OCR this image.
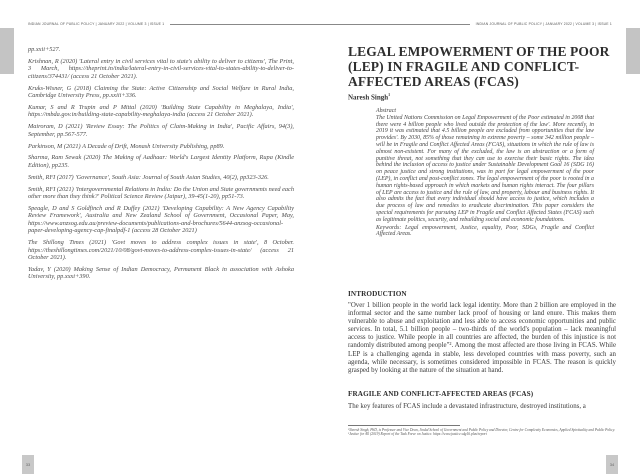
INDIAN JOURNAL OF PUBLIC POLICY | JANUARY 2022 | VOLUME 3 | ISSUE 1

pp.xxii+527.

Krishnan, R (2020) 'Lateral entry in civil services vital to state's ability to deliver to citizens', The Print, 3 March, https://theprint.in/india/lateral-entry-in-civil-services-vital-to-states-ability-to-deliver-to-citizens/374431/ (access 21 October 2021).

Kruks-Wisner, G (2018) Claiming the State: Active Citizenship and Social Welfare in Rural India, Cambridge University Press, pp.xxiii+336.

Kumar, S and R Trupin and P Mittal (2020) 'Building State Capability in Meghalaya, India', https://mbda.gov.in/building-state-capability-meghalaya-india (access 21 October 2021).

Mairoram, D (2021) 'Review Essay: The Politics of Claim-Making in India', Pacific Affairs, 94(3), September, pp.567-577.

Parkinson, M (2021) A Decade of Drift, Monash University Publishing, pp89.

Sharma, Ram Sewak (2020) The Making of Aadhaar: World's Largest Identity Platform, Rupa (Kindle Edition), pp235.

Smith, RFI (2017) 'Governance', South Asia: Journal of South Asian Studies, 40(2), pp323-326.

Smith, RFI (2021) 'Intergovernmental Relations in India: Do the Union and State governments need each other more than they think?' Political Science Review (Jaipur), 39-45(1-20), pp51-73.

Speagle, D and S Goldfinch and R Duffey (2021) 'Developing Capability: A New Agency Capability Review Framework', Australia and New Zealand School of Government, Occasional Paper, May, https://www.anzsog.edu.au/preview-documents/publications-and-brochures/5644-anzsog-occasional-paper-developing-agency-cap-finalpdf-1 (access 28 October 2021)

The Shillong Times (2021) 'Govt moves to address complex issues in state', 8 October. https://theshillongtimes.com/2021/10/08/govt-moves-to-address-complex-issues-in-state/ (access 21 October 2021).

Yadav, Y (2020) Making Sense of Indian Democracy, Permanent Black in association with Ashoka University, pp.xxxi+390.

33
INDIAN JOURNAL OF PUBLIC POLICY | JANUARY 2022 | VOLUME 3 | ISSUE 1
LEGAL EMPOWERMENT OF THE POOR (LEP) IN FRAGILE AND CONFLICT-AFFECTED AREAS (FCAS)
Naresh Singh$^1$
Abstract
The United Nations Commission on Legal Empowerment of the Poor estimated in 2008 that there were 4 billion people who lived outside the protection of the law'. More recently, in 2019 it was estimated that 4.5 billion people are excluded from opportunities that the law provides'. By 2030, 85% of those remaining in extreme poverty – some 342 million people – will be in Fragile and Conflict Affected Areas (FCAS), situations in which the rule of law is almost non-existent. For many of the excluded, the law is an abstraction or a form of punitive threat, not something that they can use to exercise their basic rights. The idea behind the inclusion of access to justice under Sustainable Development Goal 16 (SDG 16) on peace justice and strong institutions, was in part for legal empowerment of the poor (LEP), in conflict and post-conflict zones. The legal empowerment of the poor is rooted in a human rights-based approach in which markets and human rights interact. The four pillars of LEP are access to justice and the rule of law, and property, labour and business rights. It also admits the fact that every individual should have access to justice, which includes a due process of law and remedies to eradicate discrimination. This paper considers the special requirements for pursuing LEP in Fragile and Conflict Affected States (FCAS) such as legitimate politics, security, and rebuilding social and economic foundations.
Keywords: Legal empowerment, Justice, equality, Poor, SDGs, Fragile and Conflict Affected Areas.
INTRODUCTION

"Over 1 billion people in the world lack legal identity. More than 2 billion are employed in the informal sector and the same number lack proof of housing or land enure. This makes them vulnerable to abuse and exploitation and less able to access economic opportunities and public services. In total, 5.1 billion people – two-thirds of the world's population – lack meaningful access to justice. While people in all countries are affected, the burden of this injustice is not randomly distributed among people"². Among the most affected are those living in FCAS. While LEP is a challenging agenda in stable, less developed countries with mass poverty, such an agenda, while necessary, is sometimes considered impossible in FCAS. The reason is quickly grasped by looking at the nature of the situation at hand.

FRAGILE AND CONFLICT-AFFECTED AREAS (FCAS)

The key features of FCAS include a devastated infrastructure, destroyed institutions, a

¹Naresh Singh, PhD, is Professor and Vice Dean, Jindal School of Government and Public Policy and Director, Centre for Complexity Economics, Applied Spirituality and Public Policy.

²Justice for All (2019) Report of the Task Force on Justice. https://www.justice.sdg16.plus/report

34
